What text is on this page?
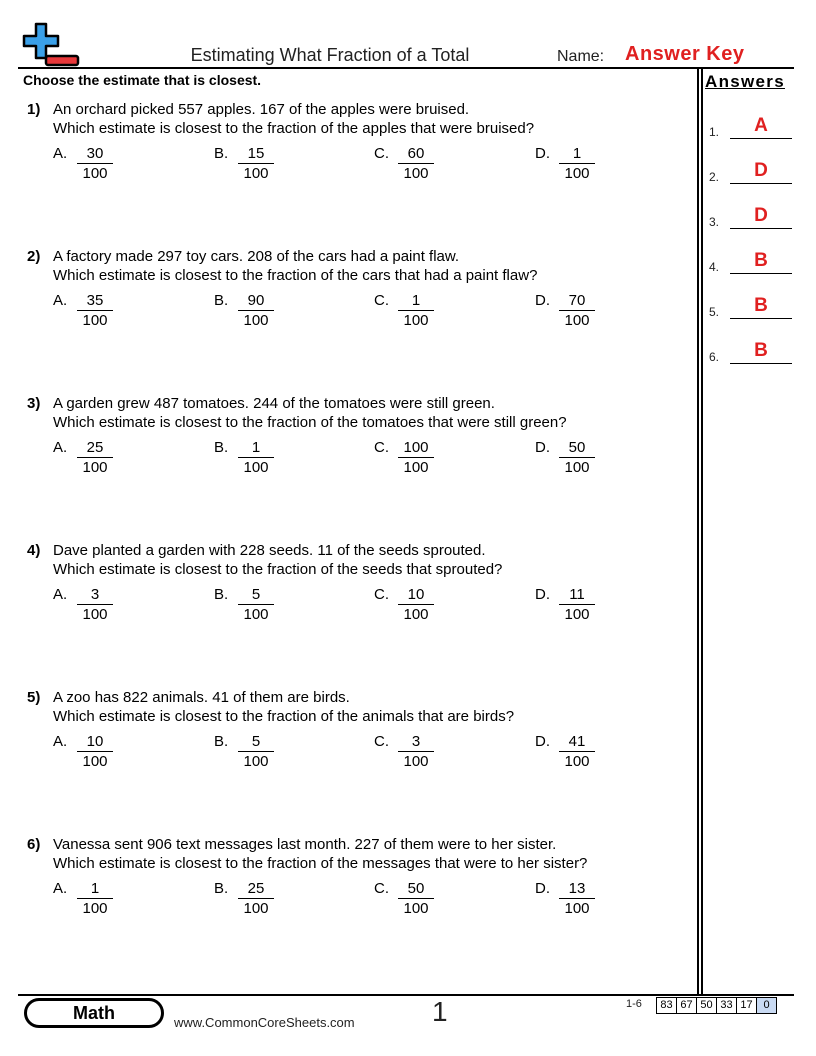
Estimating What Fraction of a Total	Name: Answer Key
Choose the estimate that is closest.	Answers
1.	A
2.	D
3.	D
4.	B
5.	B
6.	B
1) An orchard picked 557 apples. 167 of the apples were bruised.
Which estimate is closest to the fraction of the apples that were bruised?
A. $\frac{30}{100}$	B. $\frac{15}{100}$	C. $\frac{60}{100}$	D. $\frac{1}{100}$
2) A factory made 297 toy cars. 208 of the cars had a paint flaw.
Which estimate is closest to the fraction of the cars that had a paint flaw?
A. $\frac{35}{100}$	B. $\frac{90}{100}$	C. $\frac{1}{100}$	D. $\frac{70}{100}$
3) A garden grew 487 tomatoes. 244 of the tomatoes were still green.
Which estimate is closest to the fraction of the tomatoes that were still green?
A. $\frac{25}{100}$	B. $\frac{1}{100}$	C. $\frac{100}{100}$	D. $\frac{50}{100}$
4) Dave planted a garden with 228 seeds. 11 of the seeds sprouted.
Which estimate is closest to the fraction of the seeds that sprouted?
A. $\frac{3}{100}$	B. $\frac{5}{100}$	C. $\frac{10}{100}$	D. $\frac{11}{100}$
5) A zoo has 822 animals. 41 of them are birds.
Which estimate is closest to the fraction of the animals that are birds?
A. $\frac{10}{100}$	B. $\frac{5}{100}$	C. $\frac{3}{100}$	D. $\frac{41}{100}$
6) Vanessa sent 906 text messages last month. 227 of them were to her sister.
Which estimate is closest to the fraction of the messages that were to her sister?
A. $\frac{1}{100}$	B. $\frac{25}{100}$	C. $\frac{50}{100}$	D. $\frac{13}{100}$
Math	www.CommonCoreSheets.com	1	1-6	83 67 50 33 17 0
